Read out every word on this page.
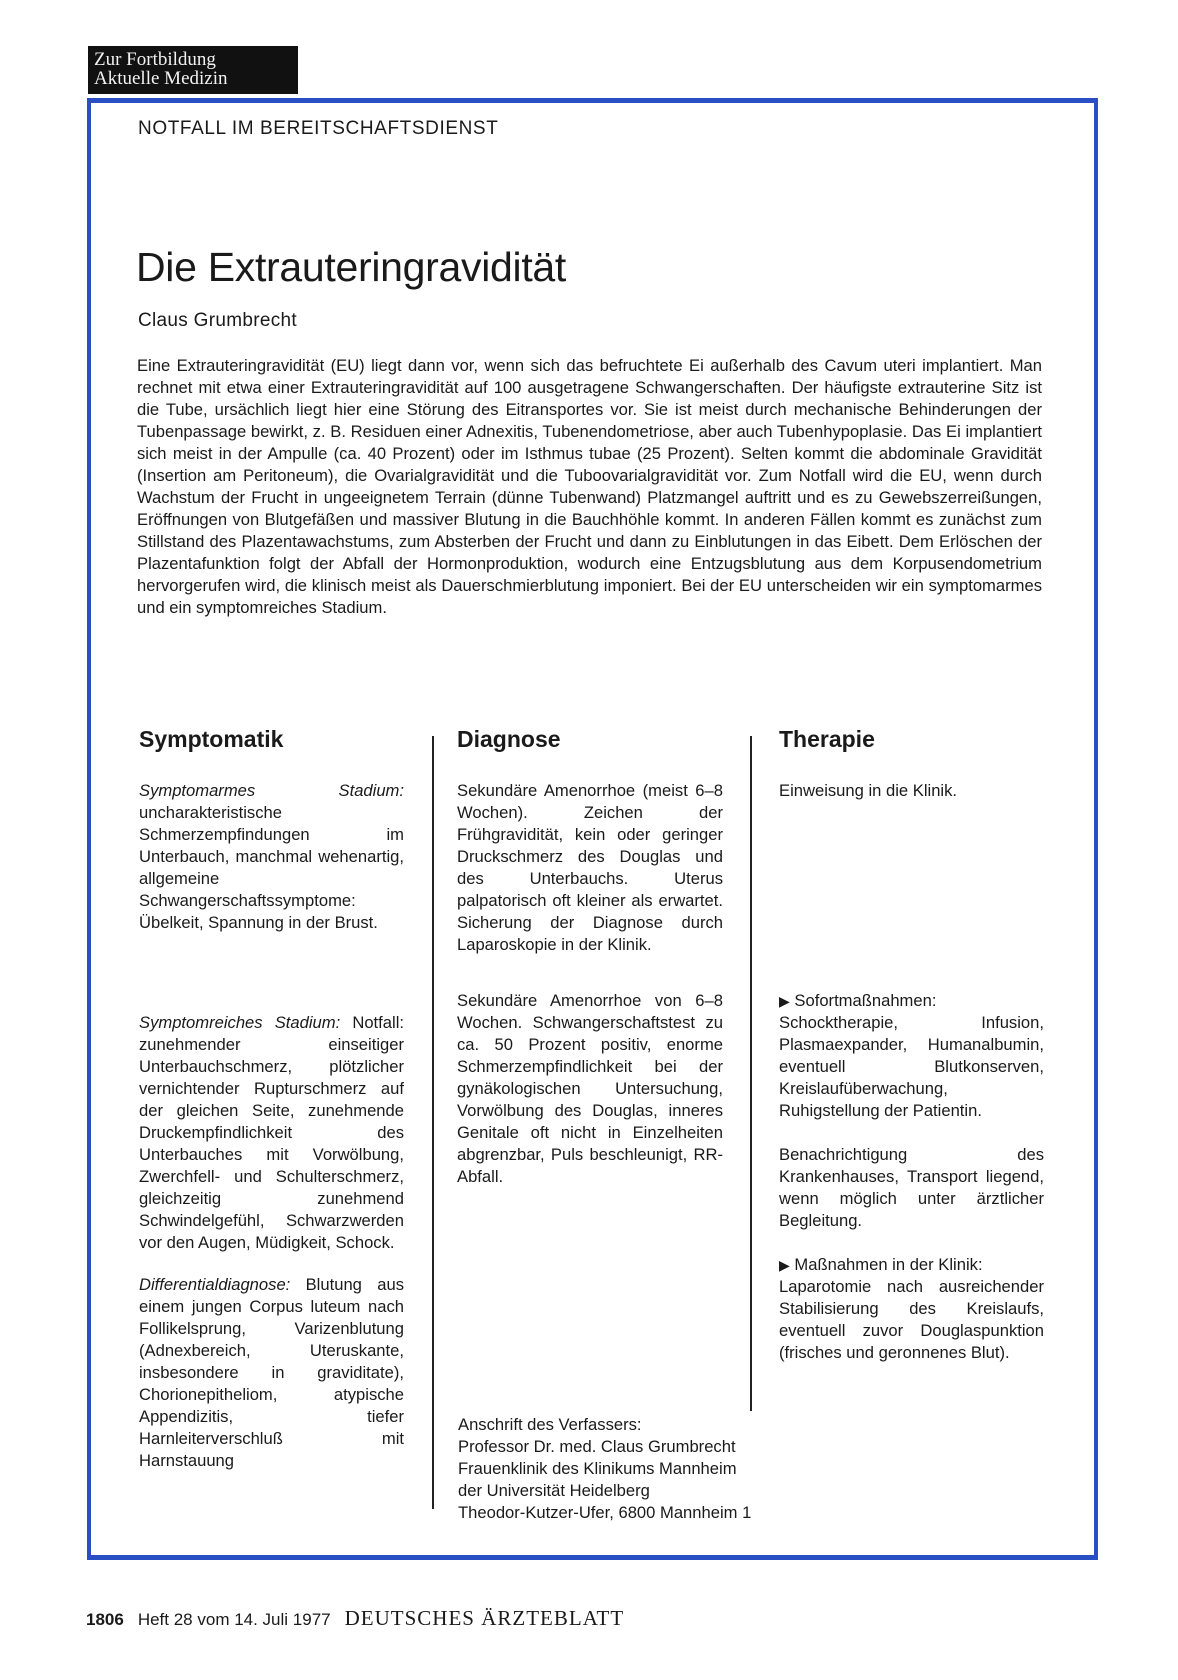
Zur Fortbildung
Aktuelle Medizin
NOTFALL IM BEREITSCHAFTSDIENST
Die Extrauteringravidität
Claus Grumbrecht

Eine Extrauteringravidität (EU) liegt dann vor, wenn sich das befruchtete Ei außerhalb des Cavum uteri implantiert. Man rechnet mit etwa einer Extrauteringravidität auf 100 ausgetragene Schwangerschaften. Der häufigste extrauterine Sitz ist die Tube, ursächlich liegt hier eine Störung des Eitransportes vor. Sie ist meist durch mechanische Behinderungen der Tubenpassage bewirkt, z. B. Residuen einer Adnexitis, Tubenendometriose, aber auch Tubenhypoplasie. Das Ei implantiert sich meist in der Ampulle (ca. 40 Prozent) oder im Isthmus tubae (25 Prozent). Selten kommt die abdominale Gravidität (Insertion am Peritoneum), die Ovarialgravidität und die Tuboovarialgravidität vor. Zum Notfall wird die EU, wenn durch Wachstum der Frucht in ungeeignetem Terrain (dünne Tubenwand) Platzmangel auftritt und es zu Gewebszerreißungen, Eröffnungen von Blutgefäßen und massiver Blutung in die Bauchhöhle kommt. In anderen Fällen kommt es zunächst zum Stillstand des Plazentawachstums, zum Absterben der Frucht und dann zu Einblutungen in das Eibett. Dem Erlöschen der Plazentafunktion folgt der Abfall der Hormonproduktion, wodurch eine Entzugsblutung aus dem Korpusendometrium hervorgerufen wird, die klinisch meist als Dauerschmierblutung imponiert. Bei der EU unterscheiden wir ein symptomarmes und ein symptomreiches Stadium.

Symptomatik

Symptomarmes Stadium: uncharakteristische Schmerzempfindungen im Unterbauch, manchmal wehenartig, allgemeine Schwangerschaftssymptome: Übelkeit, Spannung in der Brust.

Symptomreiches Stadium: Notfall: zunehmender einseitiger Unterbauchschmerz, plötzlicher vernichtender Rupturschmerz auf der gleichen Seite, zunehmende Druckempfindlichkeit des Unterbauches mit Vorwölbung, Zwerchfell- und Schulterschmerz, gleichzeitig zunehmend Schwindelgefühl, Schwarzwerden vor den Augen, Müdigkeit, Schock.

Differentialdiagnose: Blutung aus einem jungen Corpus luteum nach Follikelsprung, Varizenblutung (Adnexbereich, Uteruskante, insbesondere in graviditate), Chorionepitheliom, atypische Appendizitis, tiefer Harnleiterverschluß mit Harnstauung

Diagnose

Sekundäre Amenorrhoe (meist 6–8 Wochen). Zeichen der Frühgravidität, kein oder geringer Druckschmerz des Douglas und des Unterbauchs. Uterus palpatorisch oft kleiner als erwartet. Sicherung der Diagnose durch Laparoskopie in der Klinik.

Sekundäre Amenorrhoe von 6–8 Wochen. Schwangerschaftstest zu ca. 50 Prozent positiv, enorme Schmerzempfindlichkeit bei der gynäkologischen Untersuchung, Vorwölbung des Douglas, inneres Genitale oft nicht in Einzelheiten abgrenzbar, Puls beschleunigt, RR-Abfall.

Therapie

Einweisung in die Klinik.

▶ Sofortmaßnahmen:
Schocktherapie, Infusion, Plasmaexpander, Humanalbumin, eventuell Blutkonserven, Kreislaufüberwachung, Ruhigstellung der Patientin.

Benachrichtigung des Krankenhauses, Transport liegend, wenn möglich unter ärztlicher Begleitung.

▶ Maßnahmen in der Klinik:
Laparotomie nach ausreichender Stabilisierung des Kreislaufs, eventuell zuvor Douglaspunktion (frisches und geronnenes Blut).

Anschrift des Verfassers:
Professor Dr. med. Claus Grumbrecht
Frauenklinik des Klinikums Mannheim
der Universität Heidelberg
Theodor-Kutzer-Ufer, 6800 Mannheim 1
1806 Heft 28 vom 14. Juli 1977 DEUTSCHES ÄRZTEBLATT
